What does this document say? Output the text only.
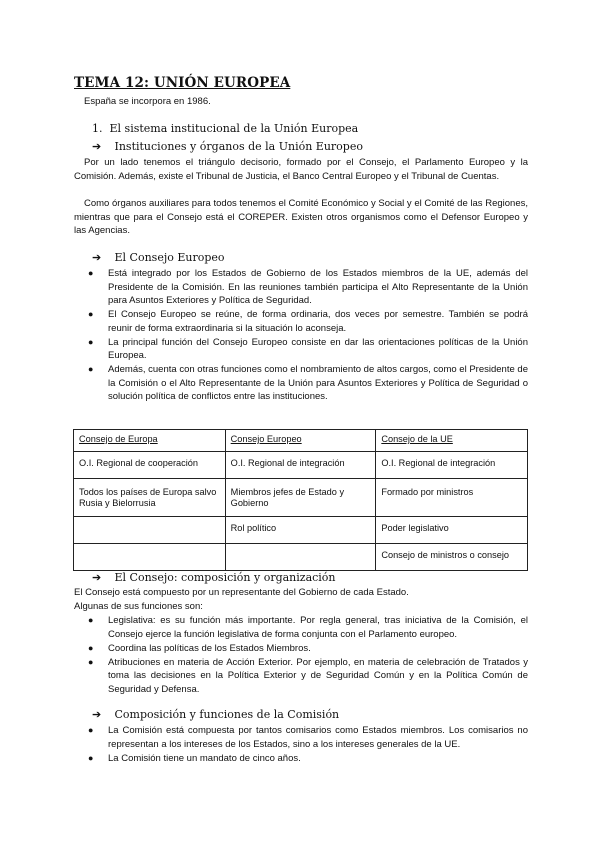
TEMA 12: UNIÓN EUROPEA
España se incorpora en 1986.
1. El sistema institucional de la Unión Europea
➔ Instituciones y órganos de la Unión Europeo

Por un lado tenemos el triángulo decisorio, formado por el Consejo, el Parlamento Europeo y la Comisión. Además, existe el Tribunal de Justicia, el Banco Central Europeo y el Tribunal de Cuentas.

Como órganos auxiliares para todos tenemos el Comité Económico y Social y el Comité de las Regiones, mientras que para el Consejo está el COREPER. Existen otros organismos como el Defensor Europeo y las Agencias.

➔ El Consejo Europeo
● Está integrado por los Estados de Gobierno de los Estados miembros de la UE, además del Presidente de la Comisión. En las reuniones también participa el Alto Representante de la Unión para Asuntos Exteriores y Política de Seguridad.
● El Consejo Europeo se reúne, de forma ordinaria, dos veces por semestre. También se podrá reunir de forma extraordinaria si la situación lo aconseja.
● La principal función del Consejo Europeo consiste en dar las orientaciones políticas de la Unión Europea.
● Además, cuenta con otras funciones como el nombramiento de altos cargos, como el Presidente de la Comisión o el Alto Representante de la Unión para Asuntos Exteriores y Política de Seguridad o solución política de conflictos entre las instituciones.
Consejo de Europa	Consejo Europeo	Consejo de la UE
O.I. Regional de cooperación	O.I. Regional de integración	O.I. Regional de integración
Todos los países de Europa salvo Rusia y Bielorrusia	Miembros jefes de Estado y Gobierno	Formado por ministros
	Rol político	Poder legislativo
		Consejo de ministros o consejo
➔ El Consejo: composición y organización
El Consejo está compuesto por un representante del Gobierno de cada Estado.
Algunas de sus funciones son:
● Legislativa: es su función más importante. Por regla general, tras iniciativa de la Comisión, el Consejo ejerce la función legislativa de forma conjunta con el Parlamento europeo.
● Coordina las políticas de los Estados Miembros.
● Atribuciones en materia de Acción Exterior. Por ejemplo, en materia de celebración de Tratados y toma las decisiones en la Política Exterior y de Seguridad Común y en la Política Común de Seguridad y Defensa.
➔ Composición y funciones de la Comisión
● La Comisión está compuesta por tantos comisarios como Estados miembros. Los comisarios no representan a los intereses de los Estados, sino a los intereses generales de la UE.
● La Comisión tiene un mandato de cinco años.
